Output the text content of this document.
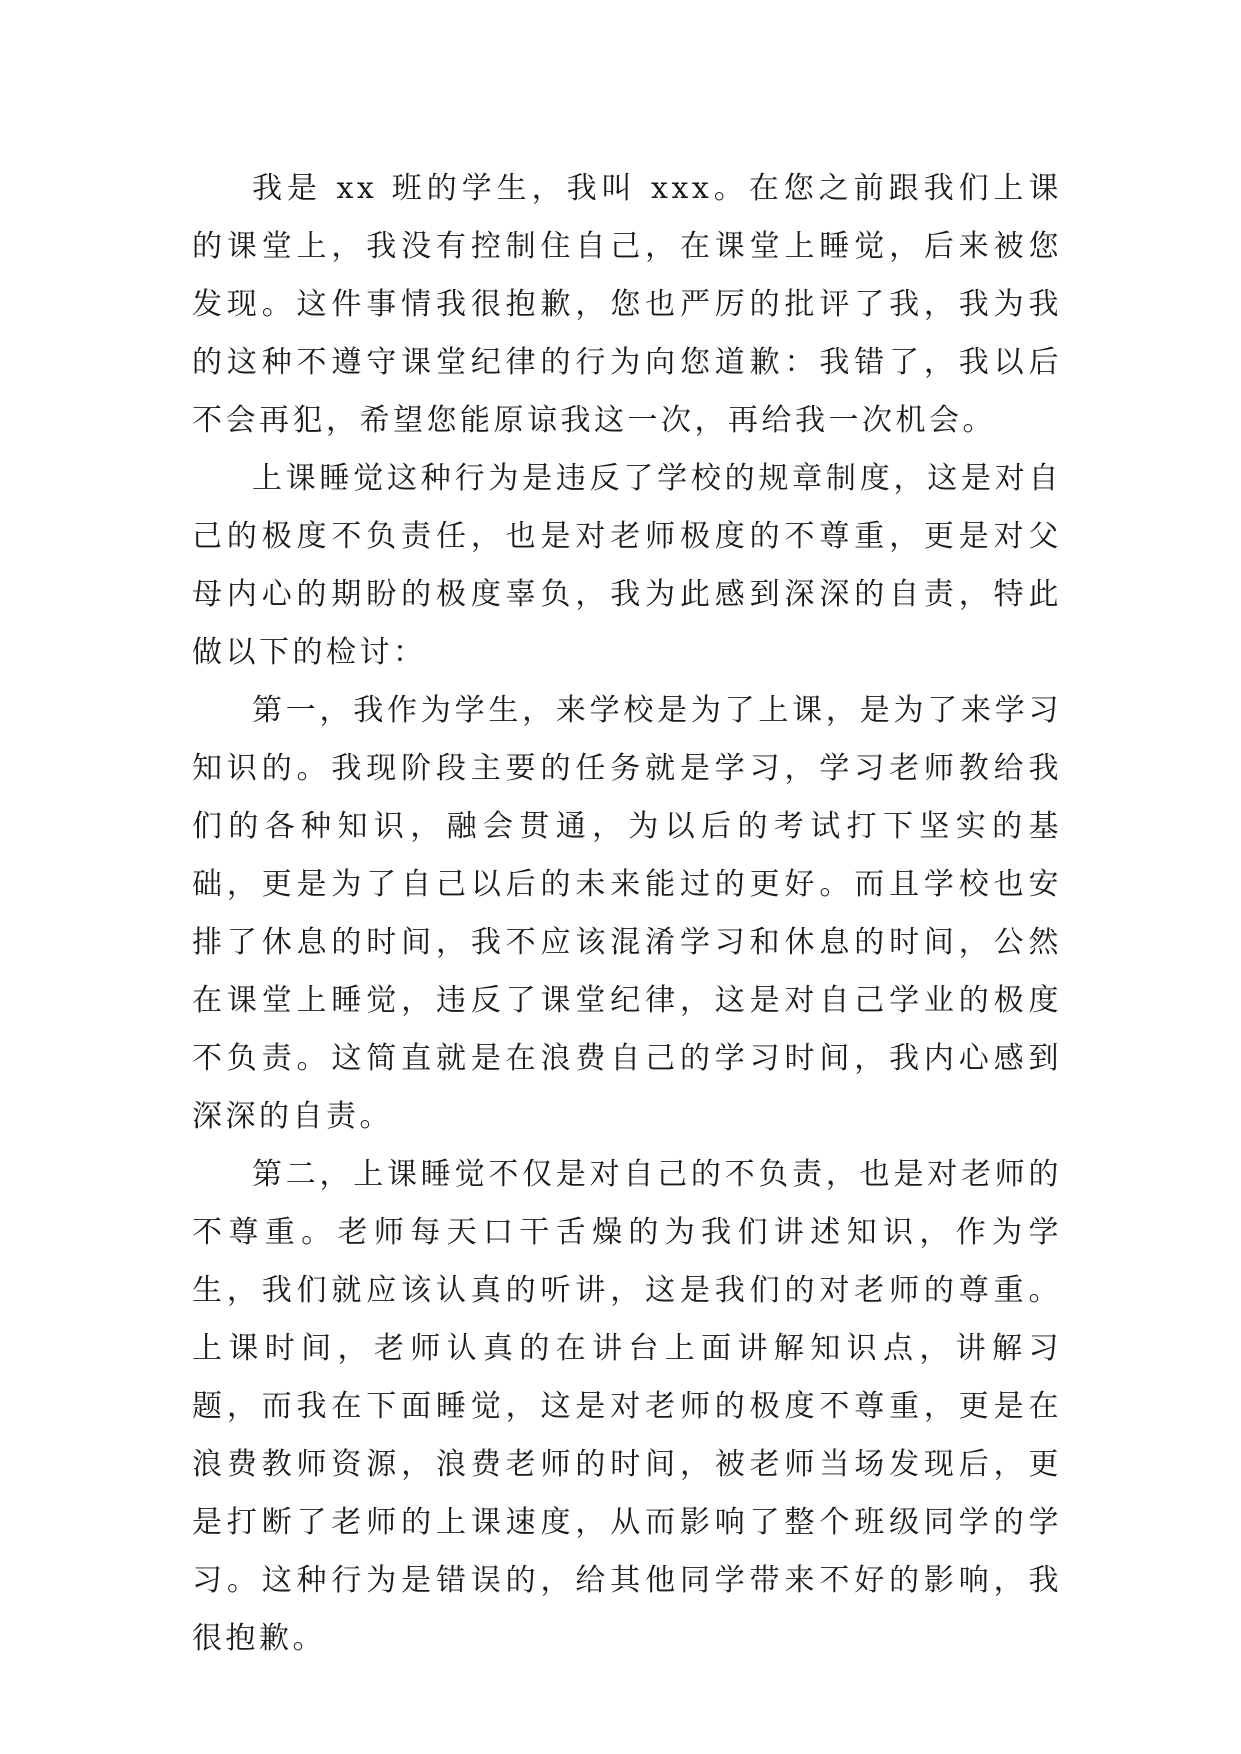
我是 xx 班的学生，我叫 xxx。在您之前跟我们上课的课堂上，我没有控制住自己，在课堂上睡觉，后来被您发现。这件事情我很抱歉，您也严厉的批评了我，我为我的这种不遵守课堂纪律的行为向您道歉：我错了，我以后不会再犯，希望您能原谅我这一次，再给我一次机会。

上课睡觉这种行为是违反了学校的规章制度，这是对自己的极度不负责任，也是对老师极度的不尊重，更是对父母内心的期盼的极度辜负，我为此感到深深的自责，特此做以下的检讨：

第一，我作为学生，来学校是为了上课，是为了来学习知识的。我现阶段主要的任务就是学习，学习老师教给我们的各种知识，融会贯通，为以后的考试打下坚实的基础，更是为了自己以后的未来能过的更好。而且学校也安排了休息的时间，我不应该混淆学习和休息的时间，公然在课堂上睡觉，违反了课堂纪律，这是对自己学业的极度不负责。这简直就是在浪费自己的学习时间，我内心感到深深的自责。

第二，上课睡觉不仅是对自己的不负责，也是对老师的不尊重。老师每天口干舌燥的为我们讲述知识，作为学生，我们就应该认真的听讲，这是我们的对老师的尊重。上课时间，老师认真的在讲台上面讲解知识点，讲解习题，而我在下面睡觉，这是对老师的极度不尊重，更是在浪费教师资源，浪费老师的时间，被老师当场发现后，更是打断了老师的上课速度，从而影响了整个班级同学的学习。这种行为是错误的，给其他同学带来不好的影响，我很抱歉。
